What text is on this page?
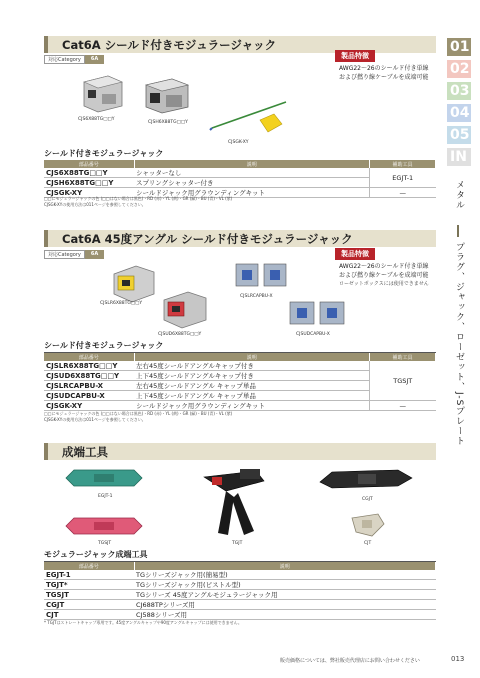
01
02
03
04
05
IN
メタル
プラグ、ジャック、ローゼット、J-Sプレート
Cat6A シールド付きモジュラージャック
対応Category	6A	製品特徴
AWG22〜26のシールド付き単線
および撚り線ケーブルを成端可能
CJS6X88TG□□Y
CJSH6X88TG□□Y
CJSGK-XY
シールド付きモジュラージャック
部品番号	説明	補助工具
CJS6X88TG□□Y	シャッターなし	EGJT-1
CJSH6X88TG□□Y	スプリングシャッター付き	
CJSGK-XY	シールドジャック用グラウンディングキット	—
□□にモジュラージャックの色 (□□はない場合は黒色)・RD (赤)・YL (黄)・GR (緑)・BU (青)・VL (紫)
CJSGK-XYの使用方法は011ページを参照してください。
Cat6A 45度アングル シールド付きモジュラージャック
対応Category	6A	製品特徴
AWG22〜26のシールド付き単線
および撚り線ケーブルを成端可能
ローゼットボックスには使用できません
CJSLR6X88TG□□Y
CJSUD6X88TG□□Y
CJSLRCAPBU-X
CJSUDCAPBU-X
シールド付きモジュラージャック
部品番号	説明	補助工具
CJSLR6X88TG□□Y	左右45度シールドアングルキャップ付き	TGSJT
CJSUD6X88TG□□Y	上下45度シールドアングルキャップ付き	
CJSLRCAPBU-X	左右45度シールドアングル キャップ単品	
CJSUDCAPBU-X	上下45度シールドアングル キャップ単品	
CJSGK-XY	シールドジャック用グラウンディングキット	—
□□にモジュラージャックの色 (□□はない場合は黒色)・RD (赤)・YL (黄)・GR (緑)・BU (青)・VL (紫)
CJSGK-XYの使用方法は011ページを参照してください。
成端工具
EGJT-1
TGSJT	TGJT
CGJT
CJT
モジュラージャック成端工具
部品番号	説明
EGJT-1	TGシリーズジャック用(簡易型)
TGJT*	TGシリーズジャック用(ピストル型)
TGSJT	TGシリーズ 45度アングルモジュラージャック用
CGJT	CJ688TPシリーズ用
CJT	CJ588シリーズ用
* TGJTはストレートキャップ専用です。45度アングルキャップや90度アングルキャップには使用できません。
販売価格については、弊社販売代理店にお問い合わせください	013
